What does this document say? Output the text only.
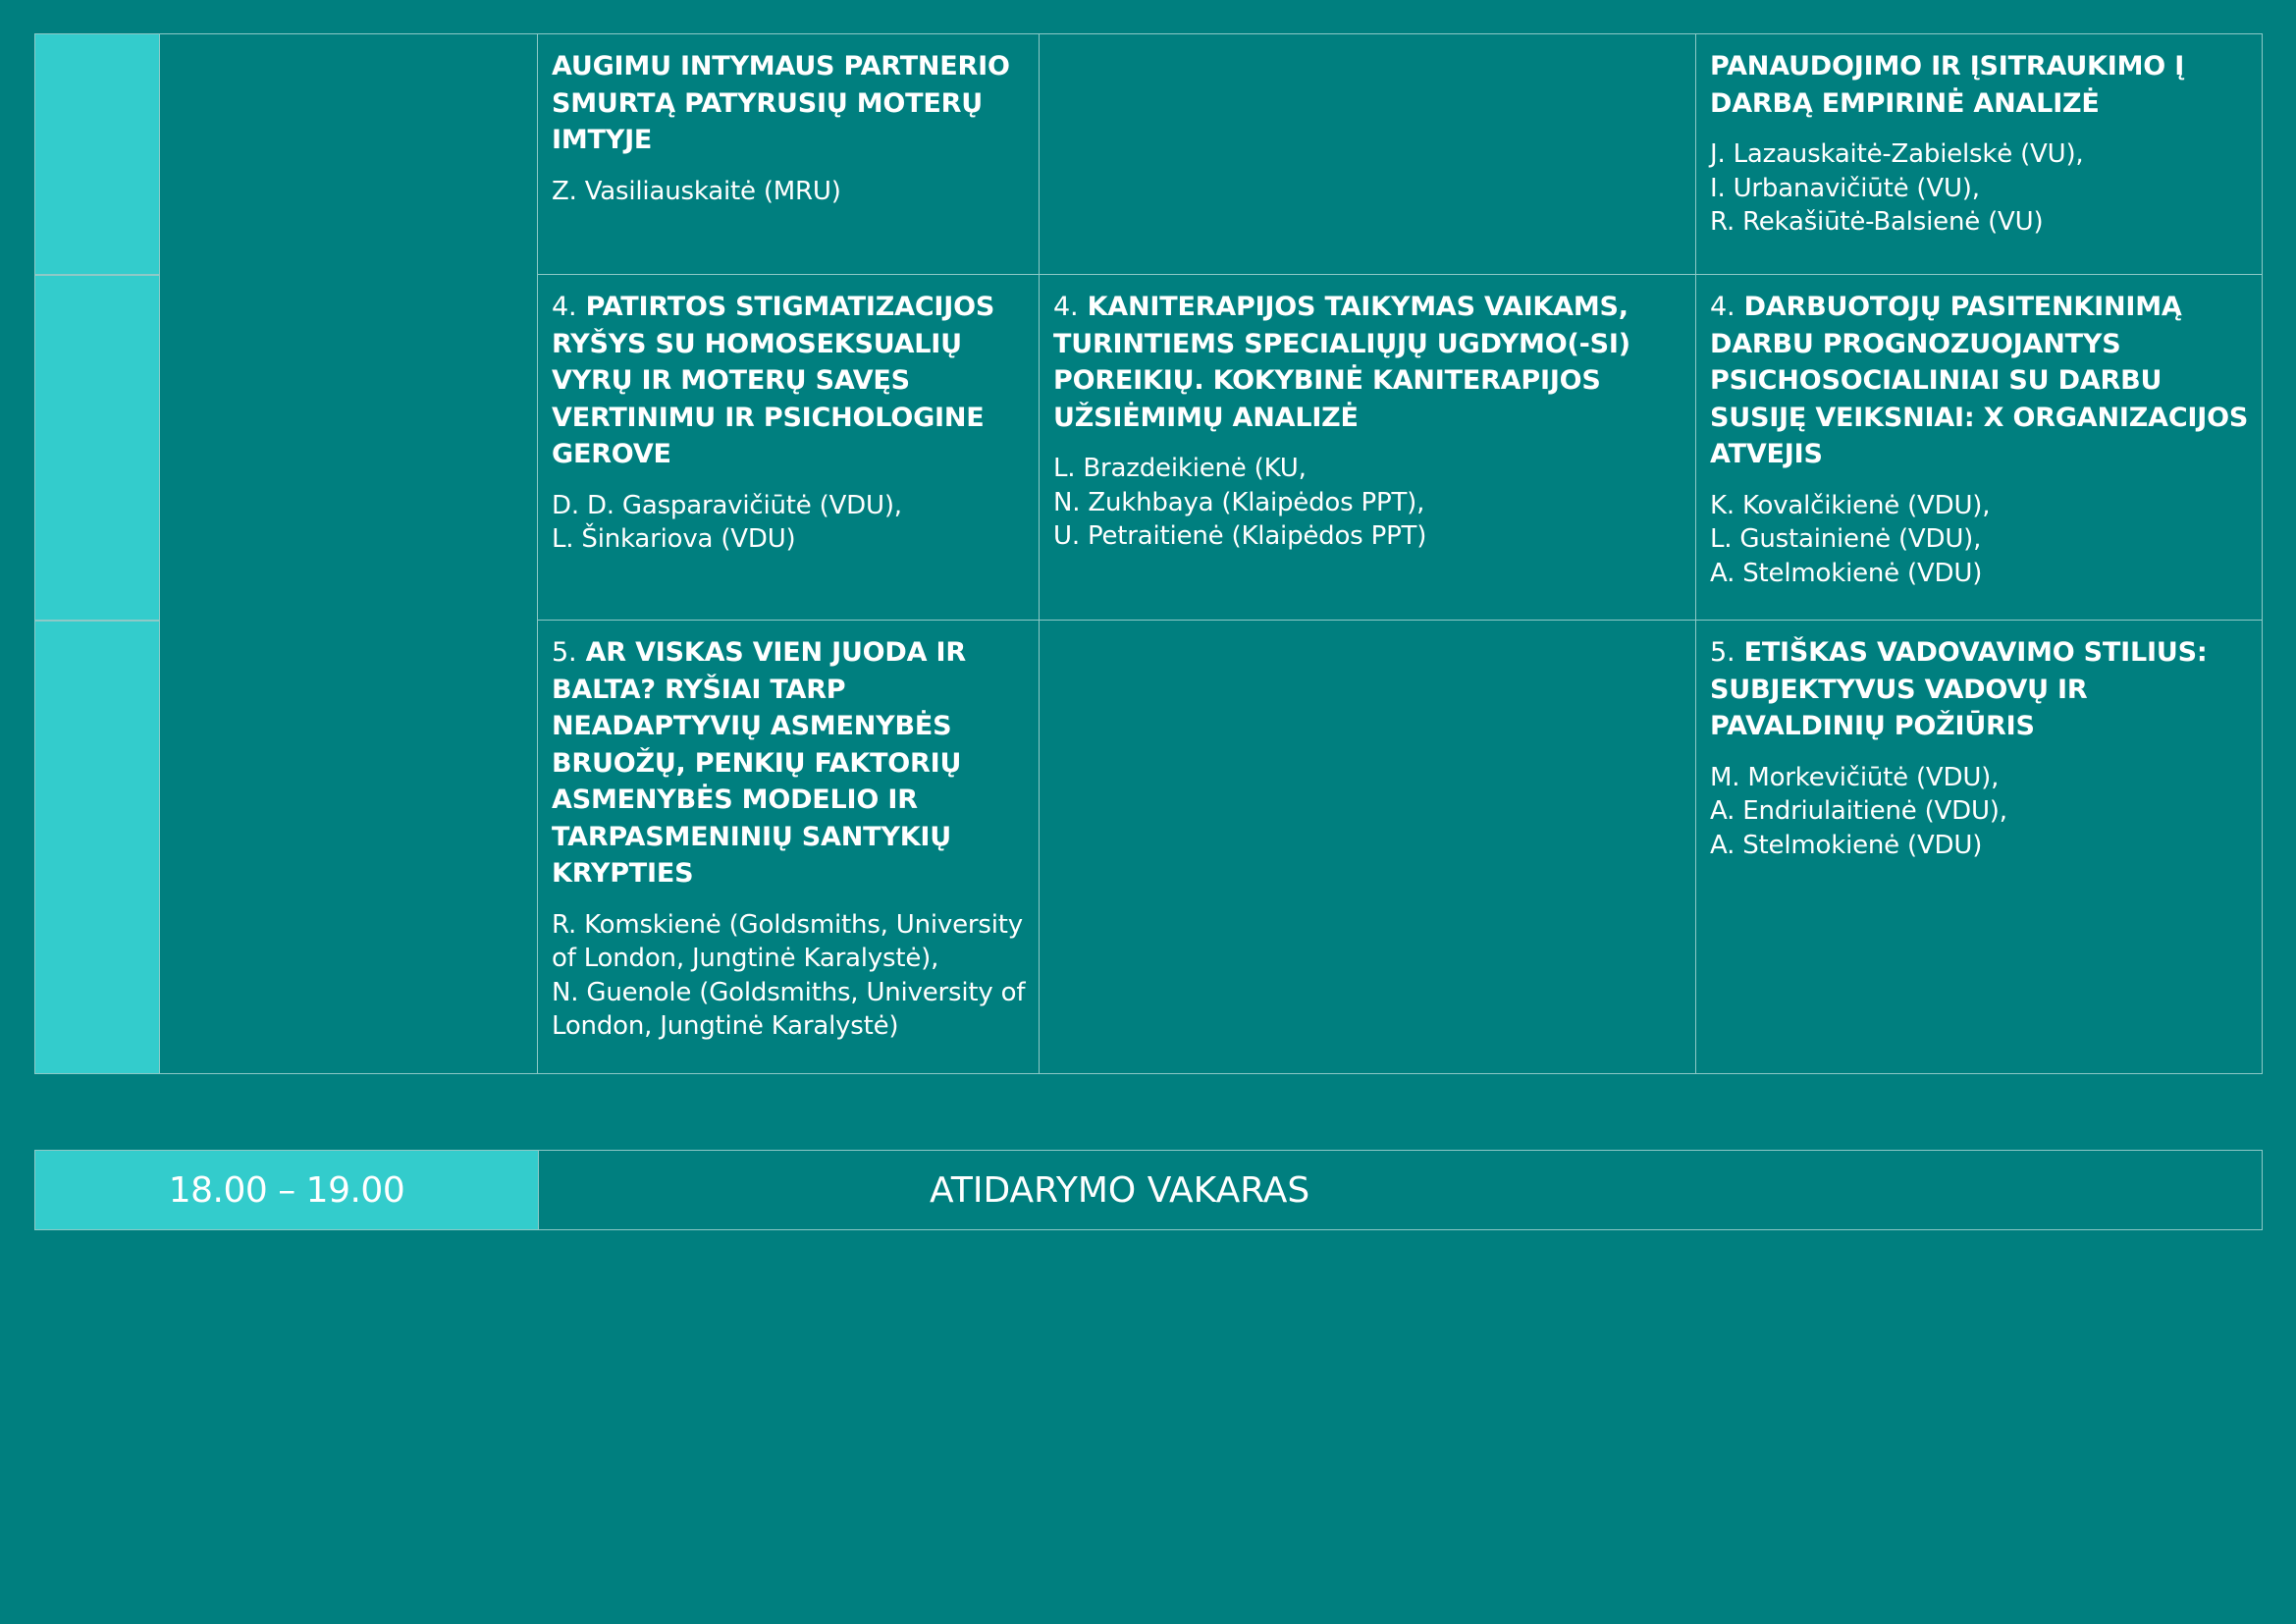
AUGIMU INTYMAUS PARTNERIO SMURTĄ PATYRUSIŲ MOTERŲ IMTYJE
Z. Vasiliauskaitė (MRU)
PANAUDOJIMO IR ĮSITRAUKIMO Į DARBĄ EMPIRINĖ ANALIZĖ
J. Lazauskaitė-Zabielskė (VU),
I. Urbanavičiūtė (VU),
R. Rekašiūtė-Balsienė (VU)
4. PATIRTOS STIGMATIZACIJOS RYŠYS SU HOMOSEKSUALIŲ VYRŲ IR MOTERŲ SAVĘS VERTINIMU IR PSICHOLOGINE GEROVE
D. D. Gasparavičiūtė (VDU),
L. Šinkariova (VDU)
4. KANITERAPIJOS TAIKYMAS VAIKAMS, TURINTIEMS SPECIALIŲJŲ UGDYMO(-SI) POREIKIŲ. KOKYBINĖ KANITERAPIJOS UŽSIĖMIMŲ ANALIZĖ
L. Brazdeikienė (KU,
N. Zukhbaya (Klaipėdos PPT),
U. Petraitienė (Klaipėdos PPT)
4. DARBUOTOJŲ PASITENKINIMĄ DARBU PROGNOZUOJANTYS PSICHOSOCIALINIAI SU DARBU SUSIJĘ VEIKSNIAI: X ORGANIZACIJOS ATVEJIS
K. Kovalčikienė (VDU),
L. Gustainienė (VDU),
A. Stelmokienė (VDU)
5. AR VISKAS VIEN JUODA IR BALTA? RYŠIAI TARP NEADAPTYVIŲ ASMENYBĖS BRUOŽŲ, PENKIŲ FAKTORIŲ ASMENYBĖS MODELIO IR TARPASMENINIŲ SANTYKIŲ KRYPTIES
R. Komskienė (Goldsmiths, University of London, Jungtinė Karalystė),
N. Guenole (Goldsmiths, University of London, Jungtinė Karalystė)
5. ETIŠKAS VADOVAVIMO STILIUS: SUBJEKTYVUS VADOVŲ IR PAVALDINIŲ POŽIŪRIS
M. Morkevičiūtė (VDU),
A. Endriulaitienė (VDU),
A. Stelmokienė (VDU)
18.00 – 19.00	ATIDARYMO VAKARAS
